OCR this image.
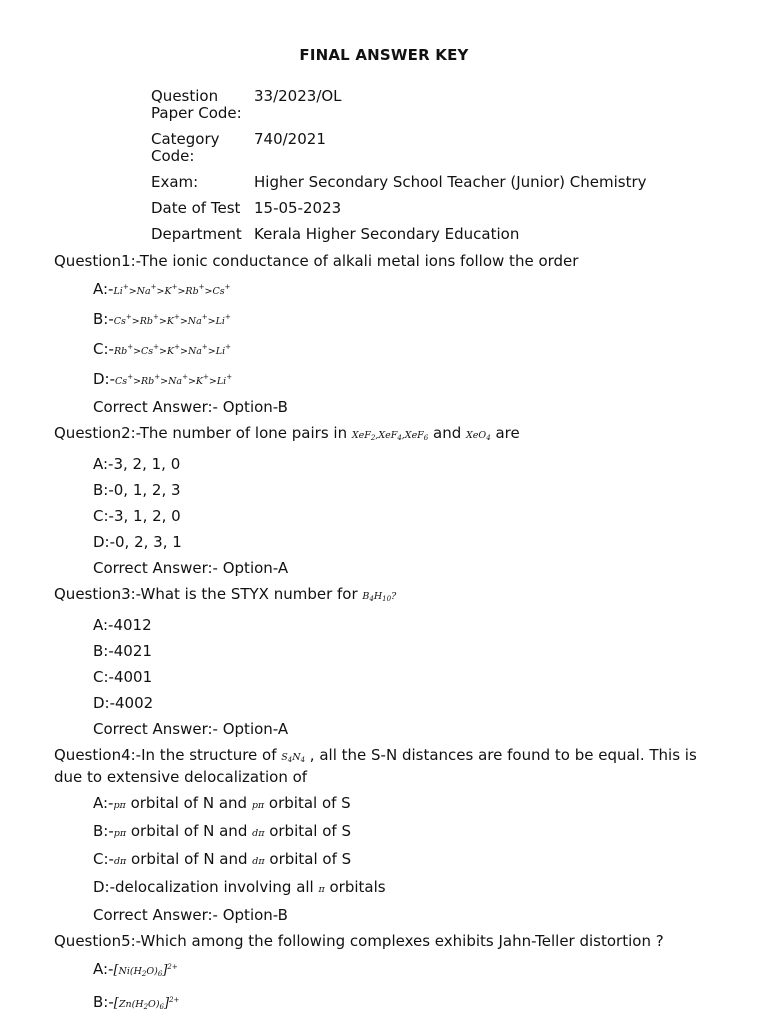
FINAL ANSWER KEY
Question Paper Code:
33/2023/OL
Category Code:
740/2021
Exam:	Higher Secondary School Teacher (Junior) Chemistry
Date of Test 15-05-2023
Department Kerala Higher Secondary Education
Question1:-The ionic conductance of alkali metal ions follow the order
A:-Li+>Na+>K+>Rb+>Cs+
B:-Cs+>Rb+>K+>Na+>Li+
C:-Rb+>Cs+>K+>Na+>Li+
D:-Cs+>Rb+>Na+>K+>Li+
Correct Answer:- Option-B
Question2:-The number of lone pairs in XeF$_2$,XeF$_4$,XeF$_6$ and XeO$_4$ are
A:-3, 2, 1, 0
B:-0, 1, 2, 3
C:-3, 1, 2, 0
D:-0, 2, 3, 1
Correct Answer:- Option-A
Question3:-What is the STYX number for $B_4H_{10}$?
A:-4012
B:-4021
C:-4001
D:-4002
Correct Answer:- Option-A
Question4:-In the structure of $S_4N_4$ , all the S-N distances are found to be equal. This is due to extensive delocalization of
A:-pπ orbital of N and pπ orbital of S
B:-pπ orbital of N and dπ orbital of S
C:-dπ orbital of N and dπ orbital of S
D:-delocalization involving all π orbitals
Correct Answer:- Option-B
Question5:-Which among the following complexes exhibits Jahn-Teller distortion ?
$A:-[Ni(H_2O)_6]^{2+}$
$B:-[Zn(H_2O)_6]^{2+}$
